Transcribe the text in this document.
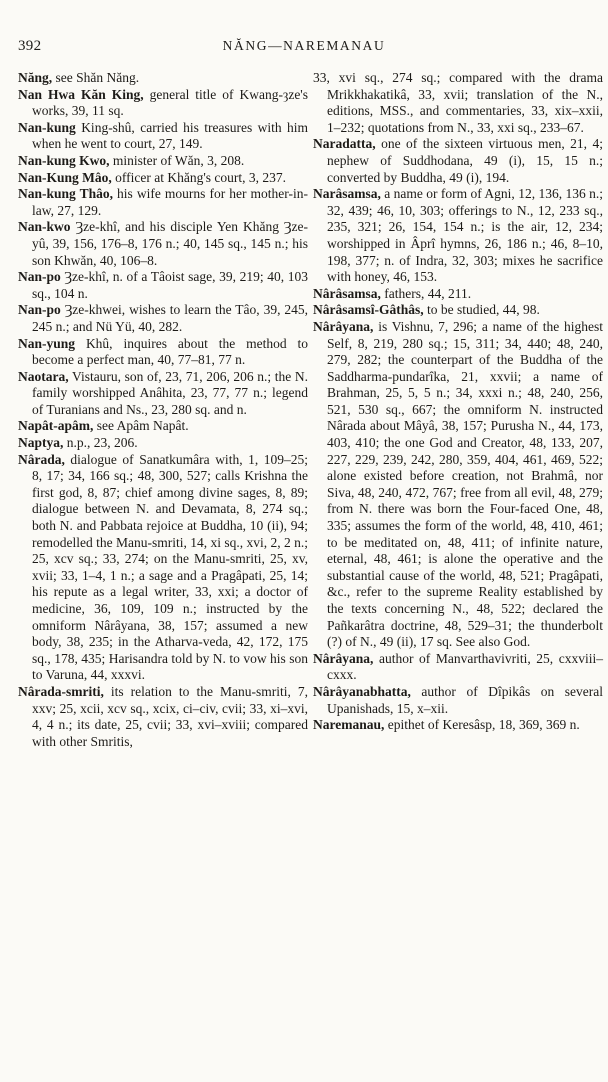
392	NĂNG—NAREMANAU

Năng, see Shăn Năng.

Nan Hwa Kăn King, general title of Kwang-ȝze's works, 39, 11 sq.

Nan-kung King-shû, carried his treasures with him when he went to court, 27, 149.

Nan-kung Kwo, minister of Wăn, 3, 208.

Nan-Kung Mâo, officer at Khăng's court, 3, 237.

Nan-kung Thâo, his wife mourns for her mother-in-law, 27, 129.

Nan-kwo Ȝze-khî, and his disciple Yen Khăng Ȝze-yû, 39, 156, 176–8, 176 n.; 40, 145 sq., 145 n.; his son Khwăn, 40, 106–8.

Nan-po Ȝze-khî, n. of a Tâoist sage, 39, 219; 40, 103 sq., 104 n.

Nan-po Ȝze-khwei, wishes to learn the Tâo, 39, 245, 245 n.; and Nü Yü, 40, 282.

Nan-yung Khû, inquires about the method to become a perfect man, 40, 77–81, 77 n.

Naotara, Vistauru, son of, 23, 71, 206, 206 n.; the N. family worshipped Anâhita, 23, 77, 77 n.; legend of Turanians and Ns., 23, 280 sq. and n.

Napât-apâm, see Apâm Napât.

Naptya, n.p., 23, 206.

Nârada, dialogue of Sanatkumâra with, 1, 109–25; 8, 17; 34, 166 sq.; 48, 300, 527; calls Krishna the first god, 8, 87; chief among divine sages, 8, 89; dialogue between N. and Devamata, 8, 274 sq.; both N. and Pabbata rejoice at Buddha, 10 (ii), 94; remodelled the Manu-smriti, 14, xi sq., xvi, 2, 2 n.; 25, xcv sq.; 33, 274; on the Manu-smriti, 25, xv, xvii; 33, 1–4, 1 n.; a sage and a Pragâpati, 25, 14; his repute as a legal writer, 33, xxi; a doctor of medicine, 36, 109, 109 n.; instructed by the omniform Nârâyana, 38, 157; assumed a new body, 38, 235; in the Atharva-veda, 42, 172, 175 sq., 178, 435; Harisandra told by N. to vow his son to Varuna, 44, xxxvi.

Nârada-smriti, its relation to the Manu-smriti, 7, xxv; 25, xcii, xcv sq., xcix, ci–civ, cvii; 33, xi–xvi, 4, 4 n.; its date, 25, cvii; 33, xvi–xviii; compared with other Smritis,

33, xvi sq., 274 sq.; compared with the drama Mrikkhakatikâ, 33, xvii; translation of the N., editions, MSS., and commentaries, 33, xix–xxii, 1–232; quotations from N., 33, xxi sq., 233–67.

Naradatta, one of the sixteen virtuous men, 21, 4; nephew of Suddhodana, 49 (i), 15, 15 n.; converted by Buddha, 49 (i), 194.

Narâsamsa, a name or form of Agni, 12, 136, 136 n.; 32, 439; 46, 10, 303; offerings to N., 12, 233 sq., 235, 321; 26, 154, 154 n.; is the air, 12, 234; worshipped in Âprî hymns, 26, 186 n.; 46, 8–10, 198, 377; n. of Indra, 32, 303; mixes he sacrifice with honey, 46, 153.

Nârâsamsa, fathers, 44, 211.

Nârâsamsî-Gâthâs, to be studied, 44, 98.

Nârâyana, is Vishnu, 7, 296; a name of the highest Self, 8, 219, 280 sq.; 15, 311; 34, 440; 48, 240, 279, 282; the counterpart of the Buddha of the Saddharma-pundarîka, 21, xxvii; a name of Brahman, 25, 5, 5 n.; 34, xxxi n.; 48, 240, 256, 521, 530 sq., 667; the omniform N. instructed Nârada about Mâyâ, 38, 157; Purusha N., 44, 173, 403, 410; the one God and Creator, 48, 133, 207, 227, 229, 239, 242, 280, 359, 404, 461, 469, 522; alone existed before creation, not Brahmâ, nor Siva, 48, 240, 472, 767; free from all evil, 48, 279; from N. there was born the Four-faced One, 48, 335; assumes the form of the world, 48, 410, 461; to be meditated on, 48, 411; of infinite nature, eternal, 48, 461; is alone the operative and the substantial cause of the world, 48, 521; Pragâpati, &c., refer to the supreme Reality established by the texts concerning N., 48, 522; declared the Pañkarâtra doctrine, 48, 529–31; the thunderbolt (?) of N., 49 (ii), 17 sq. See also God.

Nârâyana, author of Manvarthavivriti, 25, cxxviii–cxxx.

Nârâyanabhatta, author of Dîpikâs on several Upanishads, 15, x–xii.

Naremanau, epithet of Keresâsp, 18, 369, 369 n.
